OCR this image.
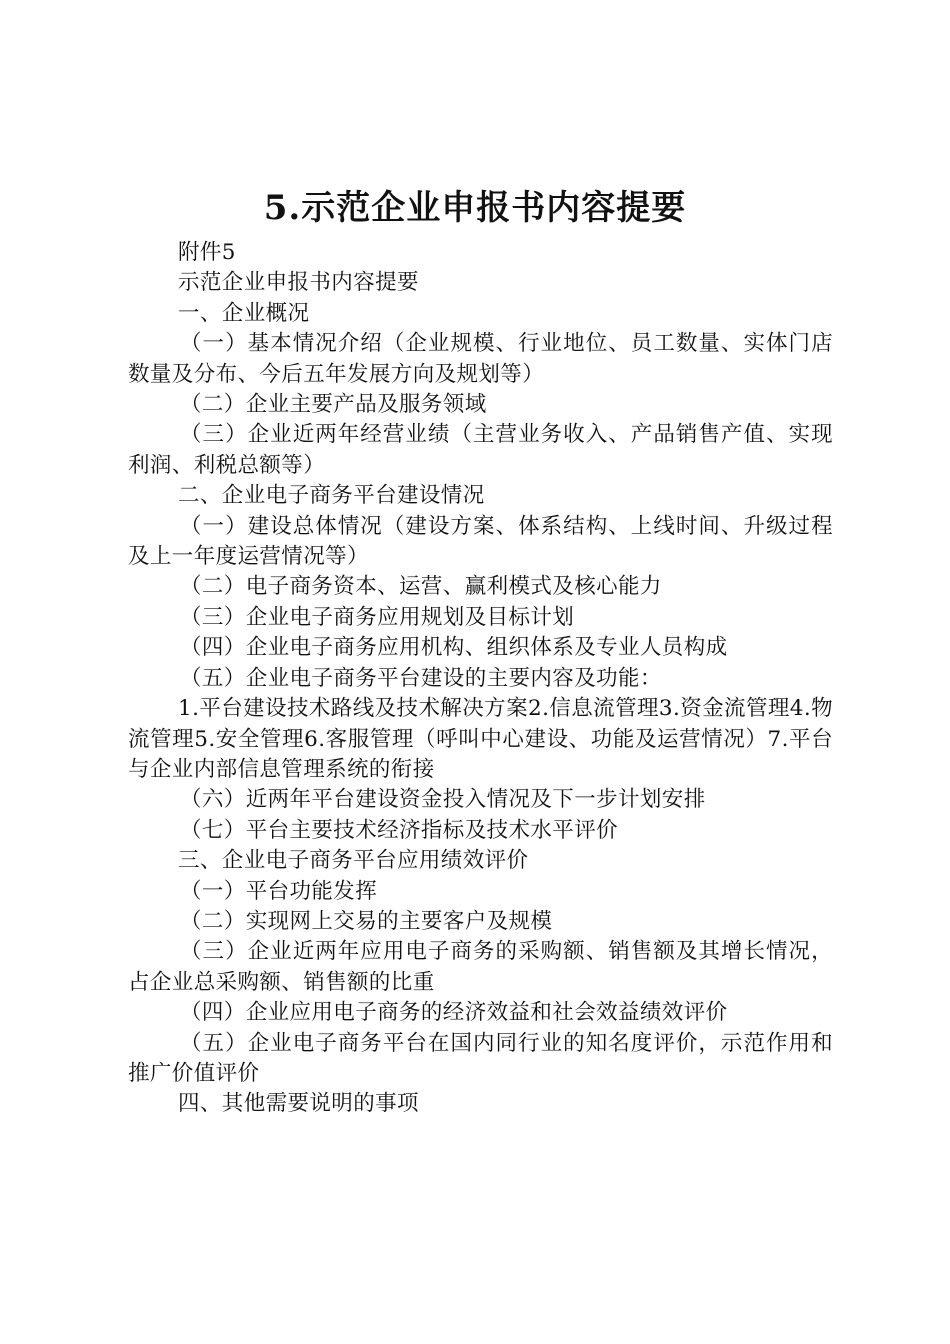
5.示范企业申报书内容提要

附件5

示范企业申报书内容提要

一、企业概况

（一）基本情况介绍（企业规模、行业地位、员工数量、实体门店数量及分布、今后五年发展方向及规划等）

（二）企业主要产品及服务领域

（三）企业近两年经营业绩（主营业务收入、产品销售产值、实现利润、利税总额等）

二、企业电子商务平台建设情况

（一）建设总体情况（建设方案、体系结构、上线时间、升级过程及上一年度运营情况等）

（二）电子商务资本、运营、赢利模式及核心能力

（三）企业电子商务应用规划及目标计划

（四）企业电子商务应用机构、组织体系及专业人员构成

（五）企业电子商务平台建设的主要内容及功能：

1.平台建设技术路线及技术解决方案2.信息流管理3.资金流管理4.物流管理5.安全管理6.客服管理（呼叫中心建设、功能及运营情况）7.平台与企业内部信息管理系统的衔接

（六）近两年平台建设资金投入情况及下一步计划安排

（七）平台主要技术经济指标及技术水平评价

三、企业电子商务平台应用绩效评价

（一）平台功能发挥

（二）实现网上交易的主要客户及规模

（三）企业近两年应用电子商务的采购额、销售额及其增长情况，占企业总采购额、销售额的比重

（四）企业应用电子商务的经济效益和社会效益绩效评价

（五）企业电子商务平台在国内同行业的知名度评价，示范作用和推广价值评价

四、其他需要说明的事项
